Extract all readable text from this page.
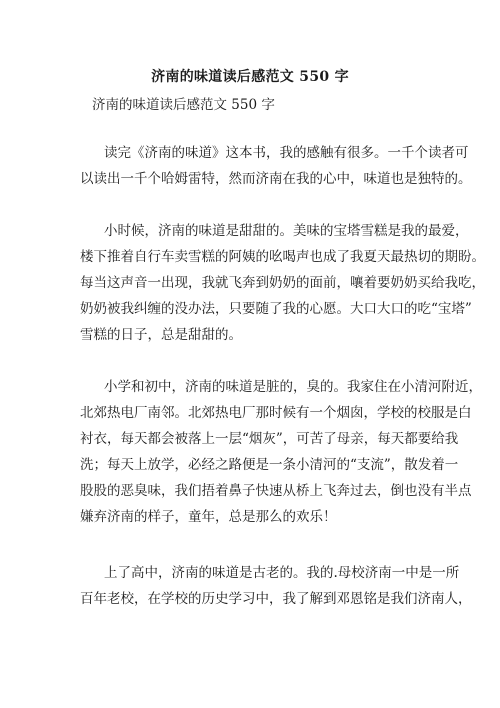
济南的味道读后感范文 550 字
济南的味道读后感范文 550 字
读完《济南的味道》这本书，我的感触有很多。一千个读者可
以读出一千个哈姆雷特，然而济南在我的心中，味道也是独特的。
小时候，济南的味道是甜甜的。美味的宝塔雪糕是我的最爱，
楼下推着自行车卖雪糕的阿姨的吆喝声也成了我夏天最热切的期盼。
每当这声音一出现，我就飞奔到奶奶的面前，嚷着要奶奶买给我吃，
奶奶被我纠缠的没办法，只要随了我的心愿。大口大口的吃“宝塔”
雪糕的日子，总是甜甜的。
小学和初中，济南的味道是脏的，臭的。我家住在小清河附近，
北郊热电厂南邻。北郊热电厂那时候有一个烟囱，学校的校服是白
衬衣，每天都会被落上一层“烟灰”，可苦了母亲，每天都要给我
洗；每天上放学，必经之路便是一条小清河的“支流”，散发着一
股股的恶臭味，我们捂着鼻子快速从桥上飞奔过去，倒也没有半点
嫌弃济南的样子，童年，总是那么的欢乐！
上了高中，济南的味道是古老的。我的.母校济南一中是一所
百年老校，在学校的历史学习中，我了解到邓恩铭是我们济南人，
